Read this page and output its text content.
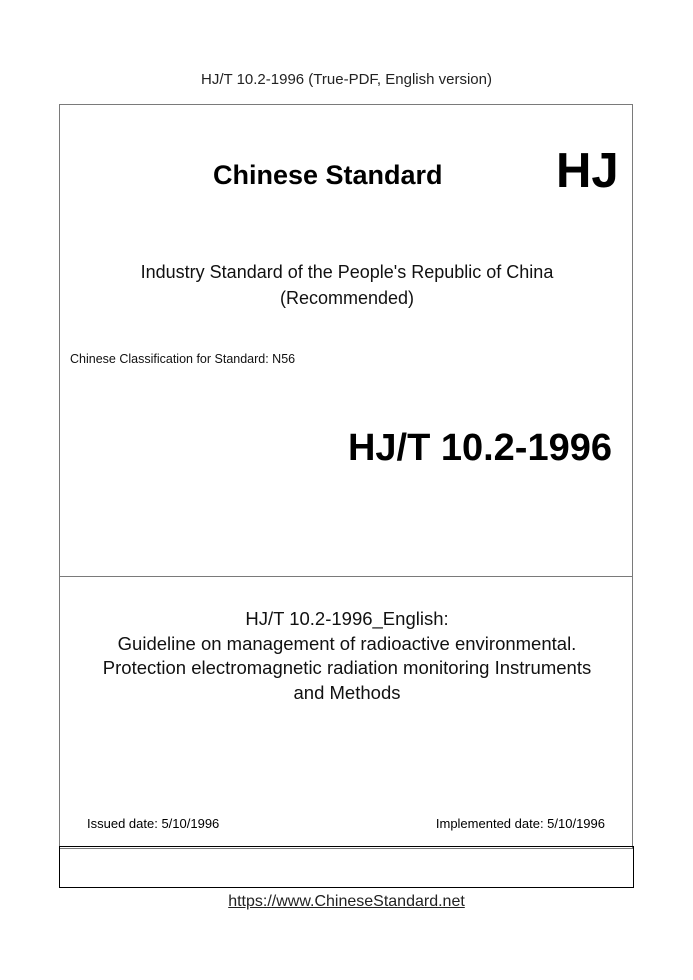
HJ/T 10.2-1996 (True-PDF, English version)
Chinese Standard HJ
Industry Standard of the People's Republic of China
(Recommended)
Chinese Classification for Standard: N56
HJ/T 10.2-1996
HJ/T 10.2-1996_English:
Guideline on management of radioactive environmental.
Protection electromagnetic radiation monitoring Instruments
and Methods
Issued date: 5/10/1996	Implemented date: 5/10/1996
https://www.ChineseStandard.net
